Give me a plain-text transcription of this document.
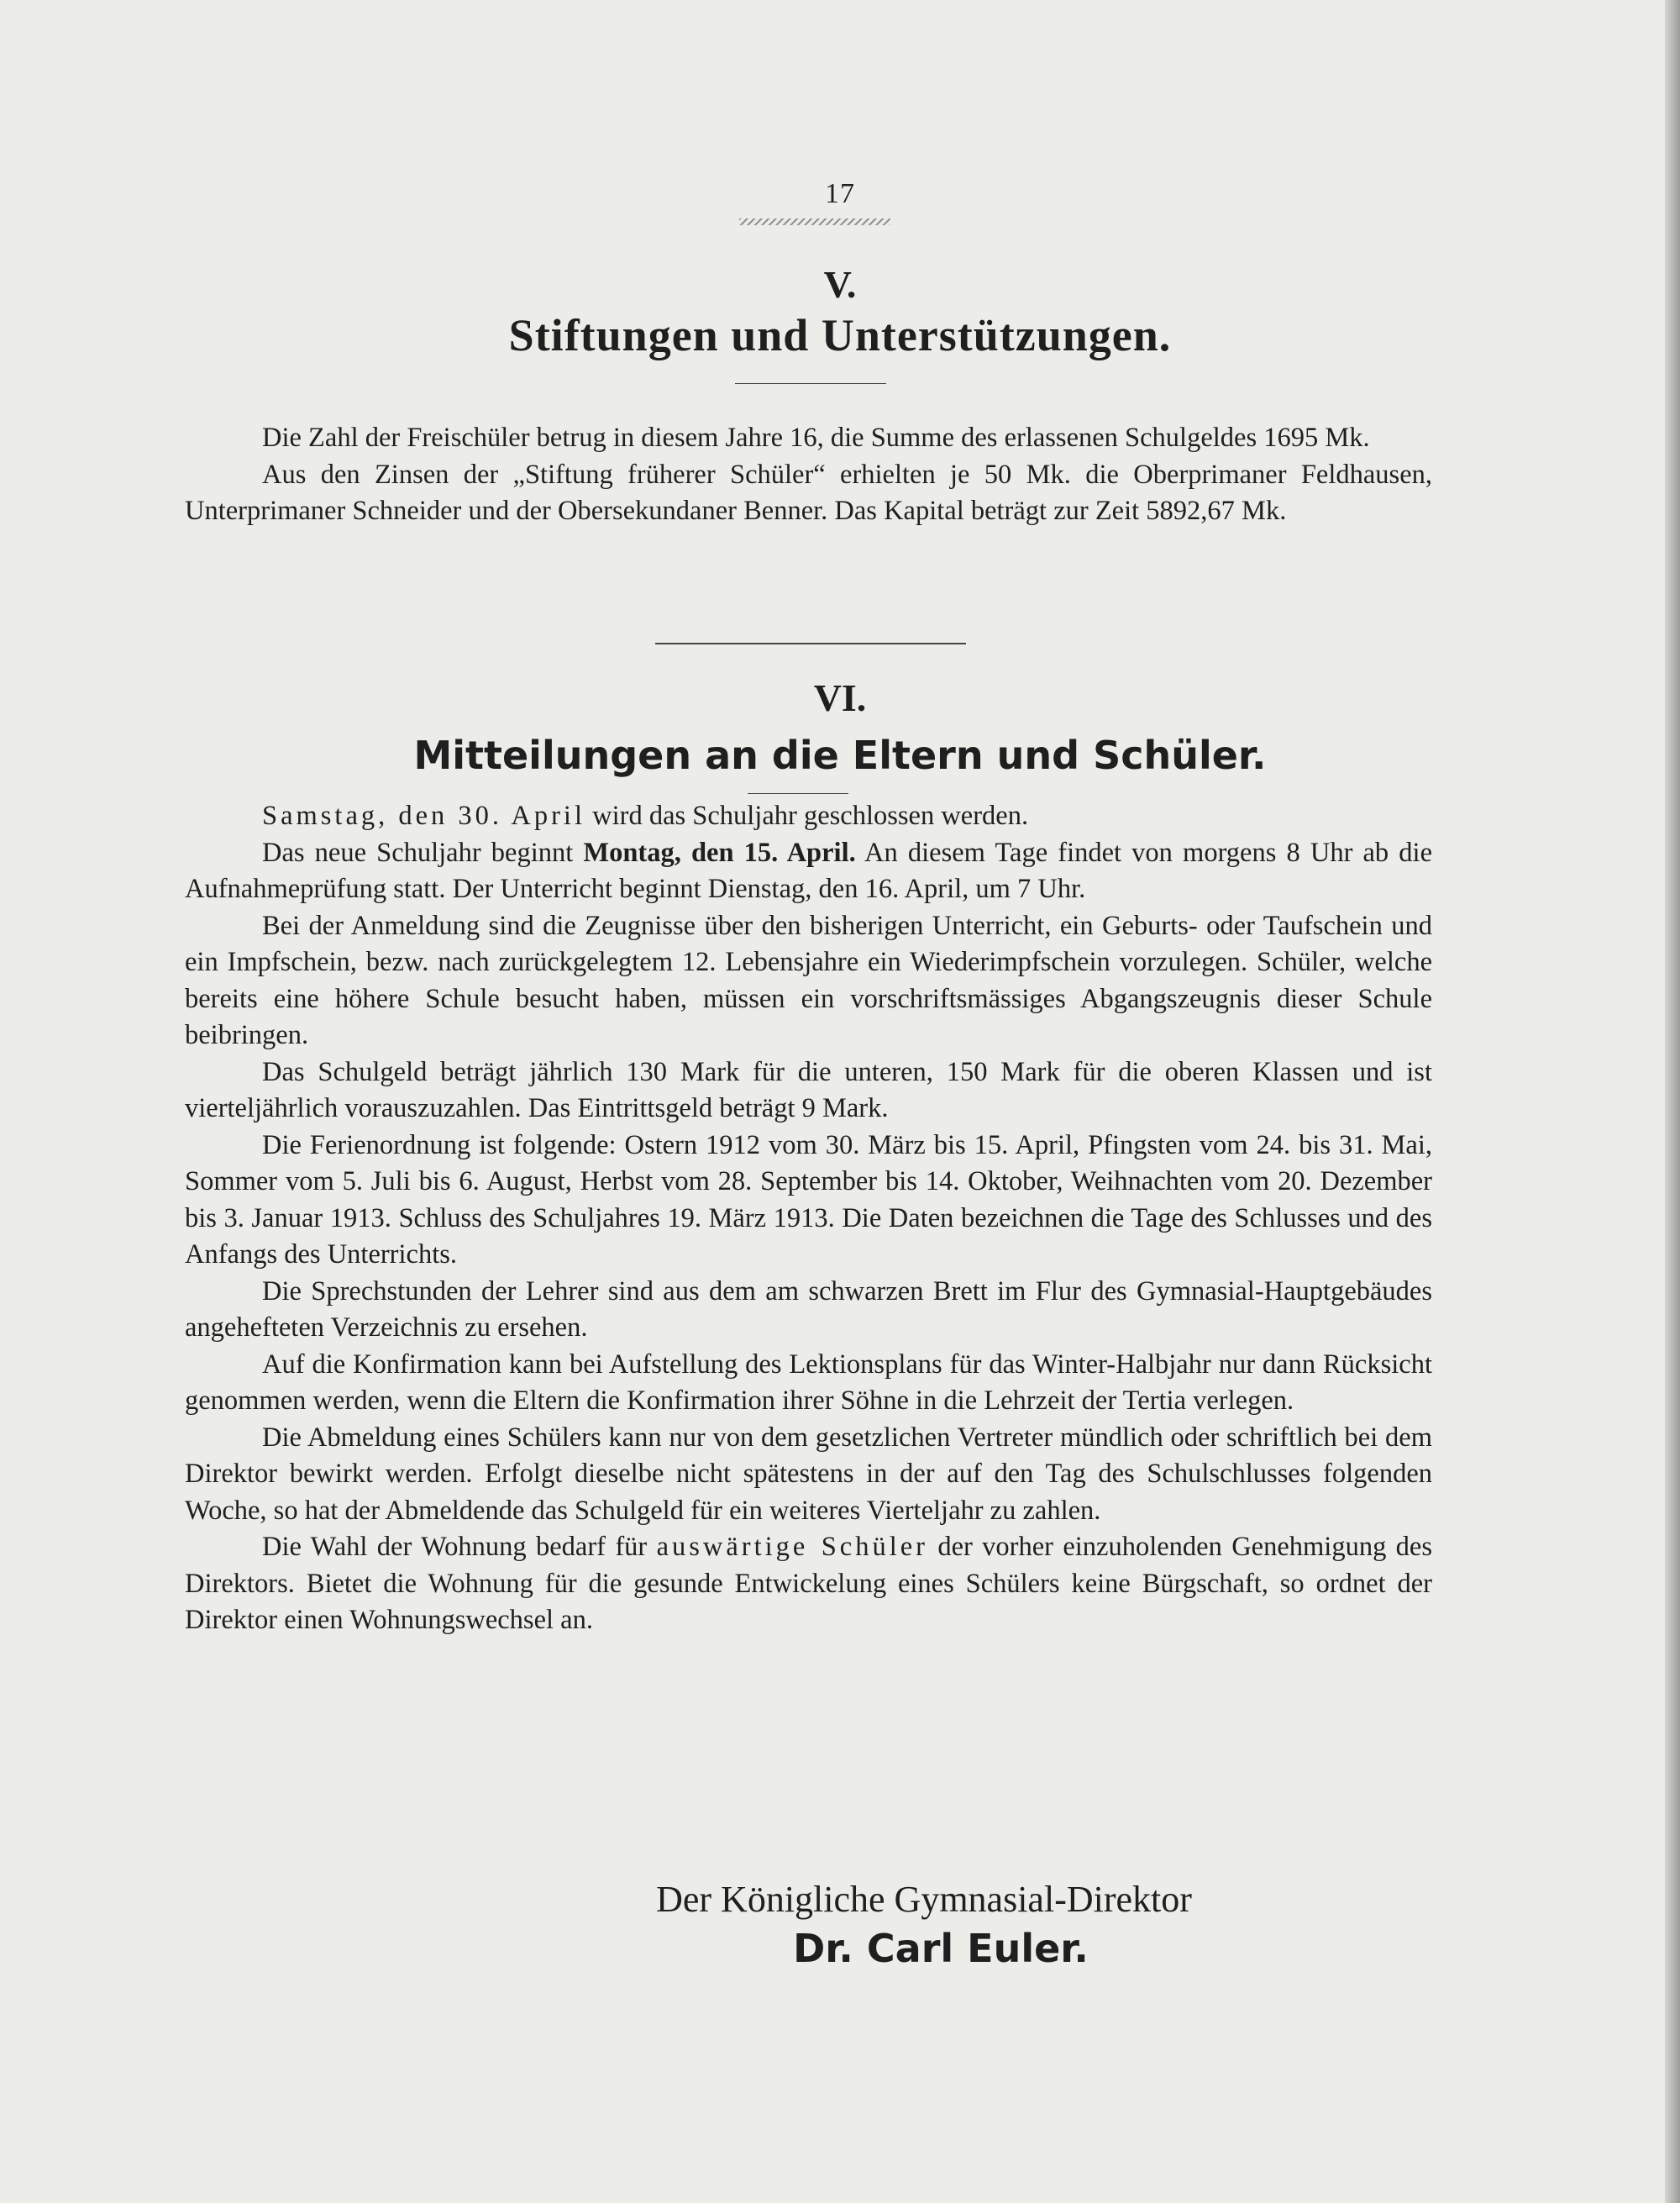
17
V.
Stiftungen und Unterstützungen.

Die Zahl der Freischüler betrug in diesem Jahre 16, die Summe des erlassenen Schulgeldes 1695 Mk.

Aus den Zinsen der „Stiftung früherer Schüler“ erhielten je 50 Mk. die Oberprimaner Feldhausen, Unterprimaner Schneider und der Obersekundaner Benner. Das Kapital beträgt zur Zeit 5892,67 Mk.

VI.
Mitteilungen an die Eltern und Schüler.

Samstag, den 30. April wird das Schuljahr geschlossen werden.

Das neue Schuljahr beginnt Montag, den 15. April. An diesem Tage findet von morgens 8 Uhr ab die Aufnahmeprüfung statt. Der Unterricht beginnt Dienstag, den 16. April, um 7 Uhr.

Bei der Anmeldung sind die Zeugnisse über den bisherigen Unterricht, ein Geburts- oder Taufschein und ein Impfschein, bezw. nach zurückgelegtem 12. Lebensjahre ein Wiederimpfschein vorzulegen. Schüler, welche bereits eine höhere Schule besucht haben, müssen ein vorschriftsmässiges Abgangszeugnis dieser Schule beibringen.

Das Schulgeld beträgt jährlich 130 Mark für die unteren, 150 Mark für die oberen Klassen und ist vierteljährlich vorauszuzahlen. Das Eintrittsgeld beträgt 9 Mark.

Die Ferienordnung ist folgende: Ostern 1912 vom 30. März bis 15. April, Pfingsten vom 24. bis 31. Mai, Sommer vom 5. Juli bis 6. August, Herbst vom 28. September bis 14. Oktober, Weihnachten vom 20. Dezember bis 3. Januar 1913. Schluss des Schuljahres 19. März 1913. Die Daten bezeichnen die Tage des Schlusses und des Anfangs des Unterrichts.

Die Sprechstunden der Lehrer sind aus dem am schwarzen Brett im Flur des Gymnasial-Hauptgebäudes angehefteten Verzeichnis zu ersehen.

Auf die Konfirmation kann bei Aufstellung des Lektionsplans für das Winter-Halbjahr nur dann Rücksicht genommen werden, wenn die Eltern die Konfirmation ihrer Söhne in die Lehrzeit der Tertia verlegen.

Die Abmeldung eines Schülers kann nur von dem gesetzlichen Vertreter mündlich oder schriftlich bei dem Direktor bewirkt werden. Erfolgt dieselbe nicht spätestens in der auf den Tag des Schulschlusses folgenden Woche, so hat der Abmeldende das Schulgeld für ein weiteres Vierteljahr zu zahlen.

Die Wahl der Wohnung bedarf für auswärtige Schüler der vorher einzuholenden Genehmigung des Direktors. Bietet die Wohnung für die gesunde Entwickelung eines Schülers keine Bürgschaft, so ordnet der Direktor einen Wohnungswechsel an.

Der Königliche Gymnasial-Direktor
Dr. Carl Euler.
